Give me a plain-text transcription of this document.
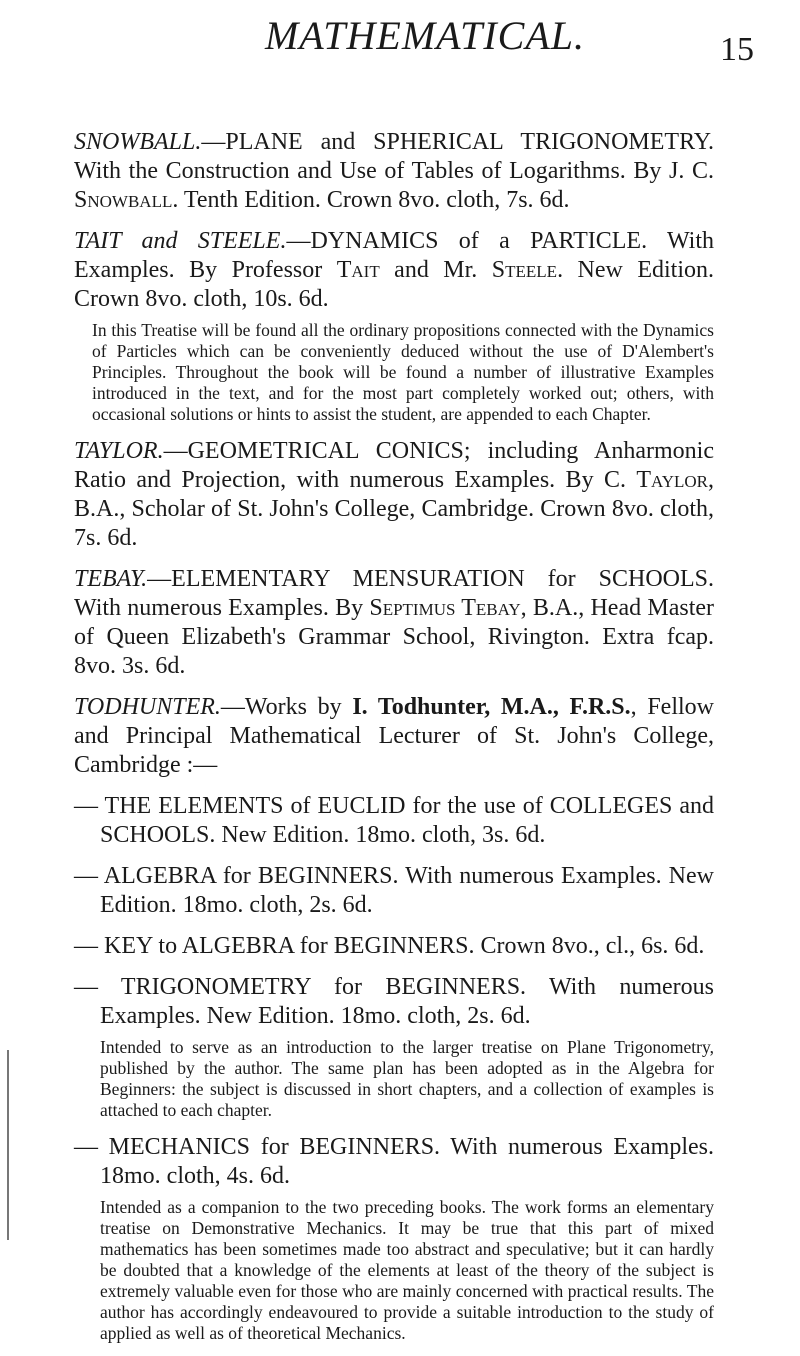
MATHEMATICAL.	15

SNOWBALL.—PLANE and SPHERICAL TRIGONOMETRY. With the Construction and Use of Tables of Logarithms. By J. C. Snowball. Tenth Edition. Crown 8vo. cloth, 7s. 6d.

TAIT and STEELE.—DYNAMICS of a PARTICLE. With Examples. By Professor Tait and Mr. Steele. New Edition. Crown 8vo. cloth, 10s. 6d.

In this Treatise will be found all the ordinary propositions connected with the Dynamics of Particles which can be conveniently deduced without the use of D'Alembert's Principles. Throughout the book will be found a number of illustrative Examples introduced in the text, and for the most part completely worked out; others, with occasional solutions or hints to assist the student, are appended to each Chapter.

TAYLOR.—GEOMETRICAL CONICS; including Anharmonic Ratio and Projection, with numerous Examples. By C. Taylor, B.A., Scholar of St. John's College, Cambridge. Crown 8vo. cloth, 7s. 6d.

TEBAY.—ELEMENTARY MENSURATION for SCHOOLS. With numerous Examples. By Septimus Tebay, B.A., Head Master of Queen Elizabeth's Grammar School, Rivington. Extra fcap. 8vo. 3s. 6d.

TODHUNTER.—Works by I. Todhunter, M.A., F.R.S., Fellow and Principal Mathematical Lecturer of St. John's College, Cambridge :—

— THE ELEMENTS of EUCLID for the use of COLLEGES and SCHOOLS. New Edition. 18mo. cloth, 3s. 6d.

— ALGEBRA for BEGINNERS. With numerous Examples. New Edition. 18mo. cloth, 2s. 6d.

— KEY to ALGEBRA for BEGINNERS. Crown 8vo., cl., 6s. 6d.

— TRIGONOMETRY for BEGINNERS. With numerous Examples. New Edition. 18mo. cloth, 2s. 6d.

Intended to serve as an introduction to the larger treatise on Plane Trigonometry, published by the author. The same plan has been adopted as in the Algebra for Beginners: the subject is discussed in short chapters, and a collection of examples is attached to each chapter.

— MECHANICS for BEGINNERS. With numerous Examples. 18mo. cloth, 4s. 6d.

Intended as a companion to the two preceding books. The work forms an elementary treatise on Demonstrative Mechanics. It may be true that this part of mixed mathematics has been sometimes made too abstract and speculative; but it can hardly be doubted that a knowledge of the elements at least of the theory of the subject is extremely valuable even for those who are mainly concerned with practical results. The author has accordingly endeavoured to provide a suitable introduction to the study of applied as well as of theoretical Mechanics.
